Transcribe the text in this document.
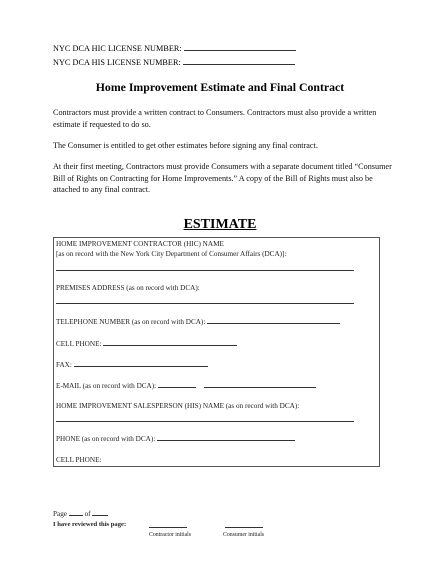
NYC DCA HIC LICENSE NUMBER:
NYC DCA HIS LICENSE NUMBER:
Home Improvement Estimate and Final Contract
Contractors must provide a written contract to Consumers. Contractors must also provide a written estimate if requested to do so.
The Consumer is entitled to get other estimates before signing any final contract.
At their first meeting, Contractors must provide Consumers with a separate document titled “Consumer Bill of Rights on Contracting for Home Improvements.” A copy of the Bill of Rights must also be attached to any final contract.
ESTIMATE
HOME IMPROVEMENT CONTRACTOR (HIC) NAME
[as on record with the New York City Department of Consumer Affairs (DCA)]:
PREMISES ADDRESS (as on record with DCA):
TELEPHONE NUMBER (as on record with DCA):
CELL PHONE:
FAX:
E-MAIL (as on record with DCA):
HOME IMPROVEMENT SALESPERSON (HIS) NAME (as on record with DCA):
PHONE (as on record with DCA):
CELL PHONE:
Page of
I have reviewed this page:
Contractor initials	Consumer initials
